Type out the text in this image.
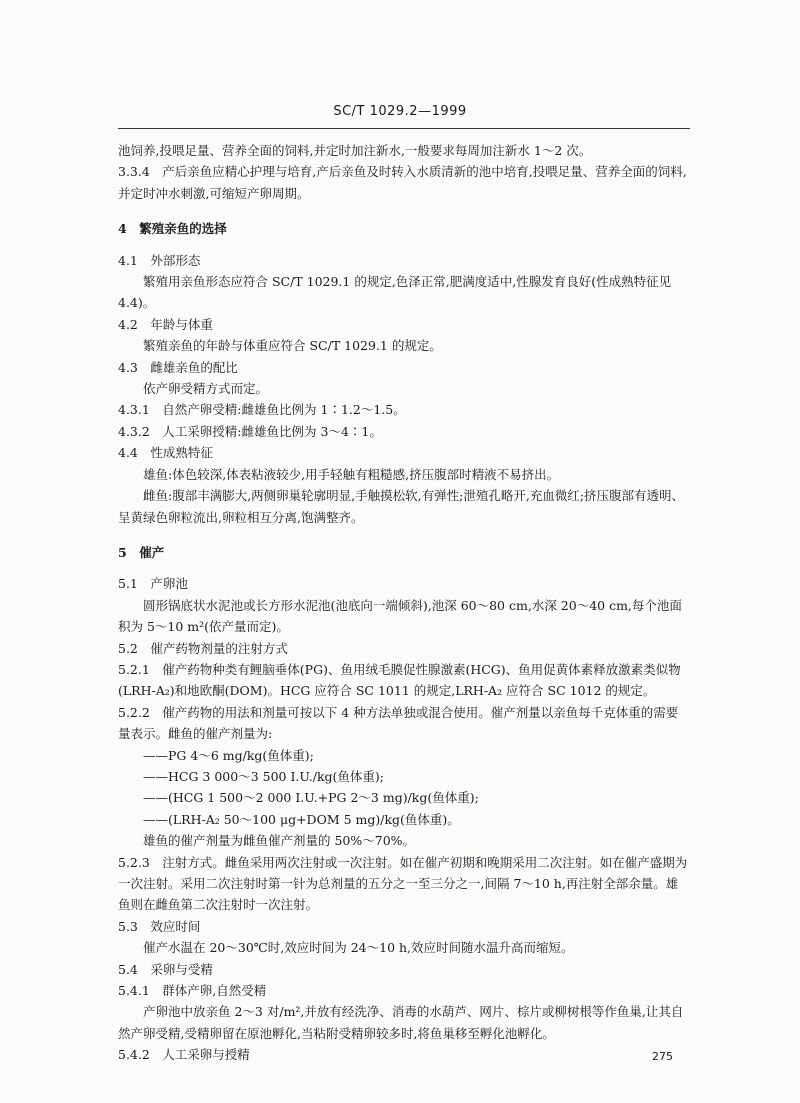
SC/T 1029.2—1999

池饲养,投喂足量、营养全面的饲料,并定时加注新水,一般要求每周加注新水 1～2 次。

3.3.4　产后亲鱼应精心护理与培育,产后亲鱼及时转入水质清新的池中培育,投喂足量、营养全面的饲料,并定时冲水刺激,可缩短产卵周期。

4　繁殖亲鱼的选择

4.1　外部形态

繁殖用亲鱼形态应符合 SC/T 1029.1 的规定,色泽正常,肥满度适中,性腺发育良好(性成熟特征见 4.4)。

4.2　年龄与体重

繁殖亲鱼的年龄与体重应符合 SC/T 1029.1 的规定。

4.3　雌雄亲鱼的配比

依产卵受精方式而定。

4.3.1　自然产卵受精:雌雄鱼比例为 1∶1.2～1.5。

4.3.2　人工采卵授精:雌雄鱼比例为 3～4∶1。

4.4　性成熟特征

雄鱼:体色较深,体表粘液较少,用手轻触有粗糙感,挤压腹部时精液不易挤出。

雌鱼:腹部丰满膨大,两侧卵巢轮廓明显,手触摸松软,有弹性;泄殖孔略开,充血微红;挤压腹部有透明、呈黄绿色卵粒流出,卵粒相互分离,饱满整齐。

5　催产

5.1　产卵池

圆形锅底状水泥池或长方形水泥池(池底向一端倾斜),池深 60～80 cm,水深 20～40 cm,每个池面积为 5～10 m²(依产量而定)。

5.2　催产药物剂量的注射方式

5.2.1　催产药物种类有鲤脑垂体(PG)、鱼用绒毛膜促性腺激素(HCG)、鱼用促黄体素释放激素类似物(LRH-A₂)和地欧酮(DOM)。HCG 应符合 SC 1011 的规定,LRH-A₂ 应符合 SC 1012 的规定。

5.2.2　催产药物的用法和剂量可按以下 4 种方法单独或混合使用。催产剂量以亲鱼每千克体重的需要量表示。雌鱼的催产剂量为:

——PG 4～6 mg/kg(鱼体重);

——HCG 3 000～3 500 I.U./kg(鱼体重);

——(HCG 1 500～2 000 I.U.+PG 2～3 mg)/kg(鱼体重);

——(LRH-A₂ 50～100 μg+DOM 5 mg)/kg(鱼体重)。

雄鱼的催产剂量为雌鱼催产剂量的 50%～70%。

5.2.3　注射方式。雌鱼采用两次注射或一次注射。如在催产初期和晚期采用二次注射。如在催产盛期为一次注射。采用二次注射时第一针为总剂量的五分之一至三分之一,间隔 7～10 h,再注射全部余量。雄鱼则在雌鱼第二次注射时一次注射。

5.3　效应时间

催产水温在 20～30℃时,效应时间为 24～10 h,效应时间随水温升高而缩短。

5.4　采卵与受精

5.4.1　群体产卵,自然受精

产卵池中放亲鱼 2～3 对/m²,并放有经洗净、消毒的水葫芦、网片、棕片或柳树根等作鱼巢,让其自然产卵受精,受精卵留在原池孵化,当粘附受精卵较多时,将鱼巢移至孵化池孵化。

5.4.2　人工采卵与授精	275
